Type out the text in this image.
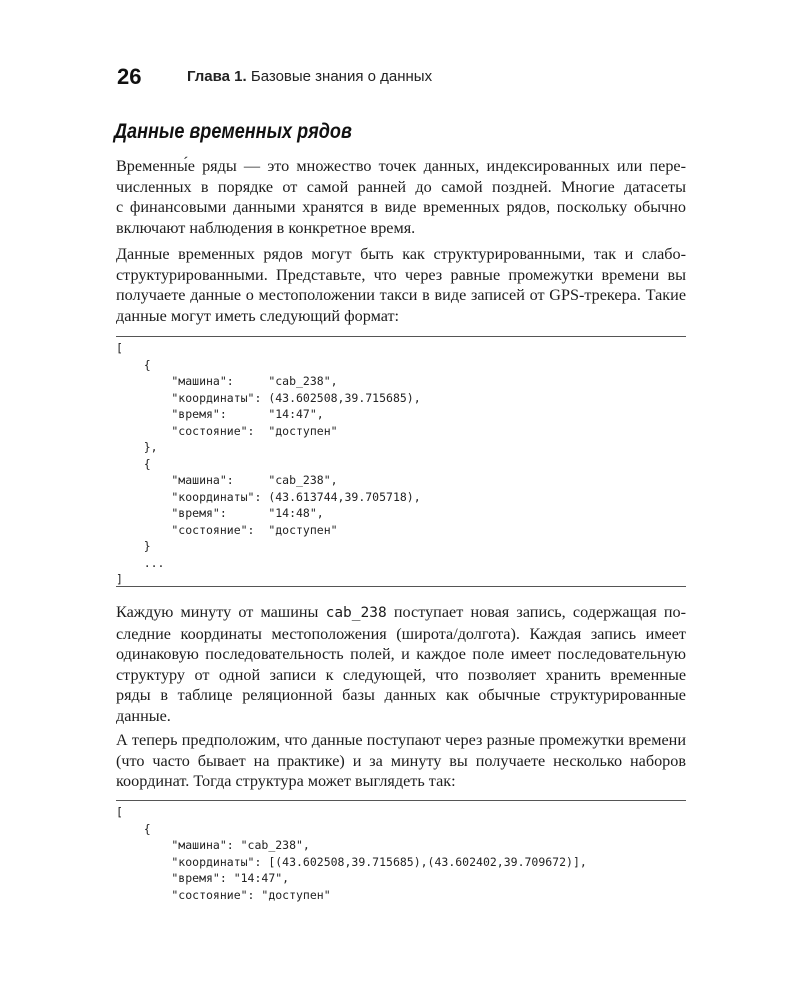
26	Глава 1. Базовые знания о данных
Данные временных рядов

Временны́е ряды — это множество точек данных, индексированных или пере-
численных в порядке от самой ранней до самой поздней. Многие датасеты
с финансовыми данными хранятся в виде временных рядов, поскольку обычно
включают наблюдения в конкретное время.

Данные временных рядов могут быть как структурированными, так и слабо-
структурированными. Представьте, что через равные промежутки времени вы
получаете данные о местоположении такси в виде записей от GPS-трекера. Такие
данные могут иметь следующий формат:

[
{
"машина":     "cab_238",
"координаты": (43.602508,39.715685),
"время":      "14:47",
"состояние":  "доступен"
},
{
"машина":     "cab_238",
"координаты": (43.613744,39.705718),
"время":      "14:48",
"состояние":  "доступен"
}
...
]

Каждую минуту от машины cab_238 поступает новая запись, содержащая по-
следние координаты местоположения (широта/долгота). Каждая запись имеет
одинаковую последовательность полей, и каждое поле имеет последовательную
структуру от одной записи к следующей, что позволяет хранить временные
ряды в таблице реляционной базы данных как обычные структурированные
данные.

А теперь предположим, что данные поступают через разные промежутки времени
(что часто бывает на практике) и за минуту вы получаете несколько наборов
координат. Тогда структура может выглядеть так:

[
{
"машина": "cab_238",
"координаты": [(43.602508,39.715685),(43.602402,39.709672)],
"время": "14:47",
"состояние": "доступен"
